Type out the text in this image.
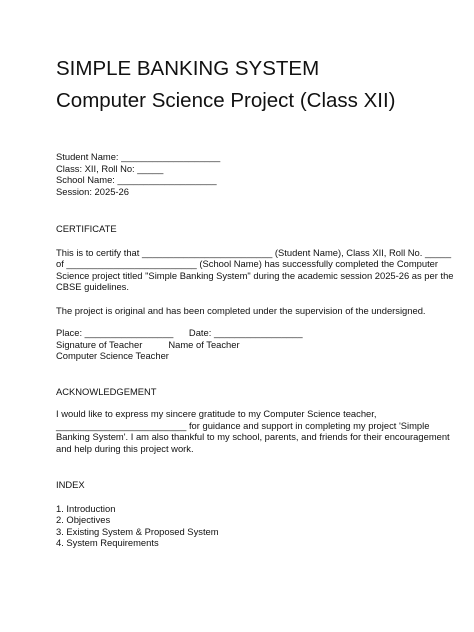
SIMPLE BANKING SYSTEM
Computer Science Project (Class XII)
Student Name: ___________________
Class: XII, Roll No: _____
School Name: ___________________
Session: 2025-26
CERTIFICATE
This is to certify that _________________________ (Student Name), Class XII, Roll No. _____
of _________________________ (School Name) has successfully completed the Computer
Science project titled "Simple Banking System" during the academic session 2025-26 as per the
CBSE guidelines.
The project is original and has been completed under the supervision of the undersigned.
Place: _________________      Date: _________________
Signature of Teacher          Name of Teacher
Computer Science Teacher
ACKNOWLEDGEMENT
I would like to express my sincere gratitude to my Computer Science teacher,
_________________________ for guidance and support in completing my project 'Simple
Banking System'. I am also thankful to my school, parents, and friends for their encouragement
and help during this project work.
INDEX
1. Introduction
2. Objectives
3. Existing System & Proposed System
4. System Requirements
